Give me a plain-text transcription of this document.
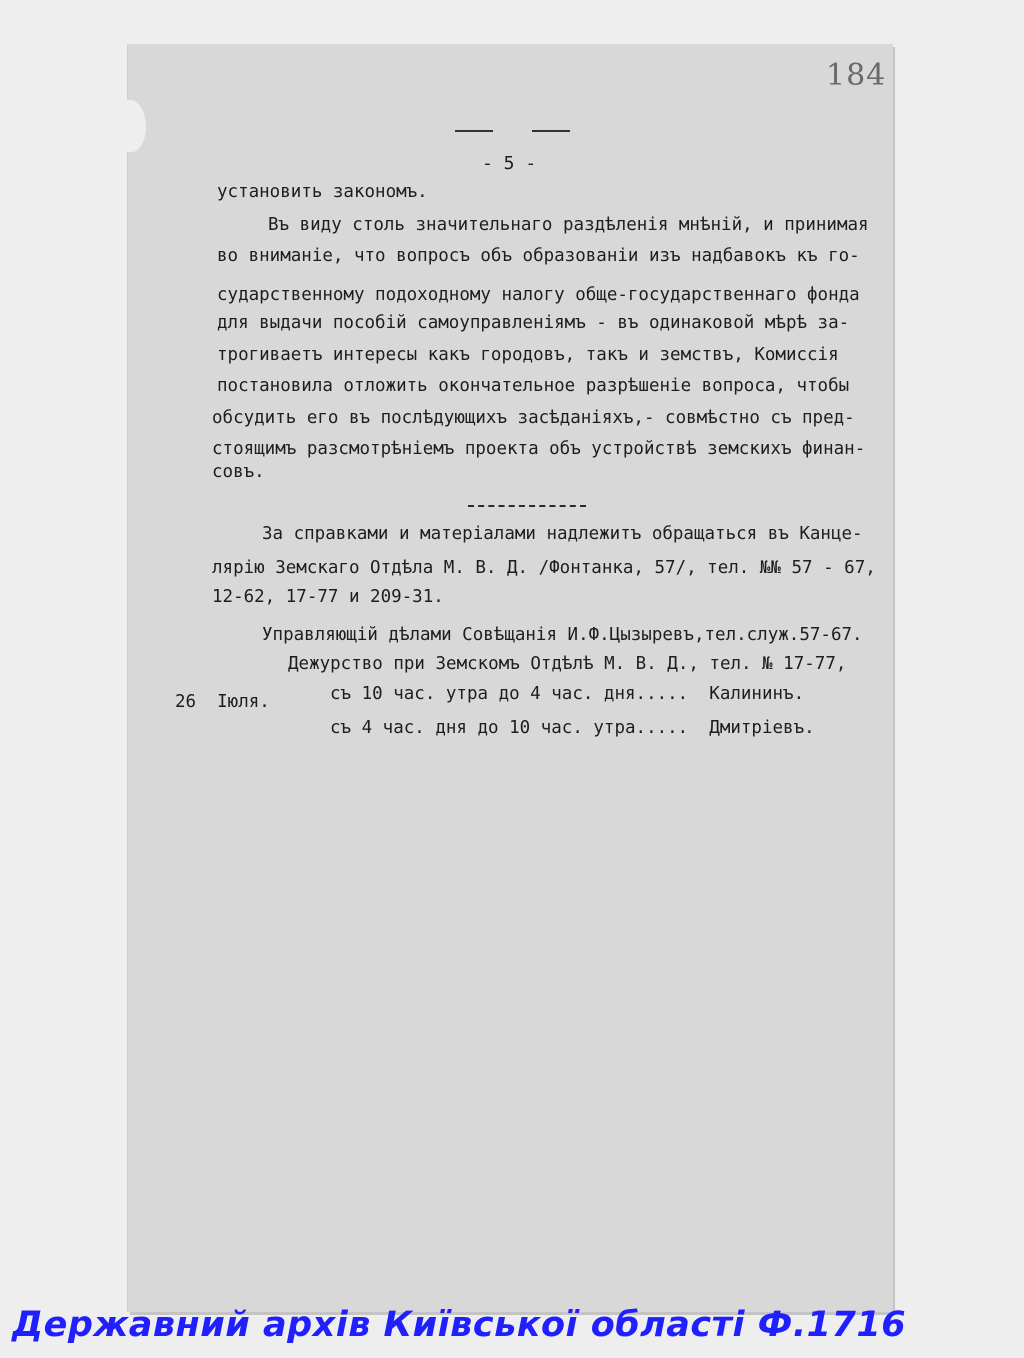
184
- 5 -
установить закономъ.
Въ виду столь значительнаго раздѣленія мнѣній, и принимая
во вниманіе, что вопросъ объ образованіи изъ надбавокъ къ го-
сударственному подоходному налогу обще-государственнаго фонда
для выдачи пособій самоуправленіямъ - въ одинаковой мѣрѣ за-
трогиваетъ интересы какъ городовъ, такъ и земствъ, Комиссія
постановила отложить окончательное разрѣшеніе вопроса, чтобы
обсудить его въ послѣдующихъ засѣданіяхъ,- совмѣстно съ пред-
стоящимъ разсмотрѣніемъ проекта объ устройствѣ земскихъ финан-
совъ.
За справками и матеріалами надлежитъ обращаться въ Канце-
лярію Земскаго Отдѣла М. В. Д. /Фонтанка, 57/, тел. №№ 57 - 67,
12-62, 17-77 и 209-31.
Управляющій дѣлами Совѣщанія И.Ф.Цызыревъ,тел.служ.57-67.
Дежурство при Земскомъ Отдѣлѣ М. В. Д., тел. № 17-77,
26  Іюля.	съ 10 час. утра до 4 час. дня.....  Калининъ.
съ 4 час. дня до 10 час. утра.....  Дмитріевъ.
Державний архів Київської області Ф.1716
